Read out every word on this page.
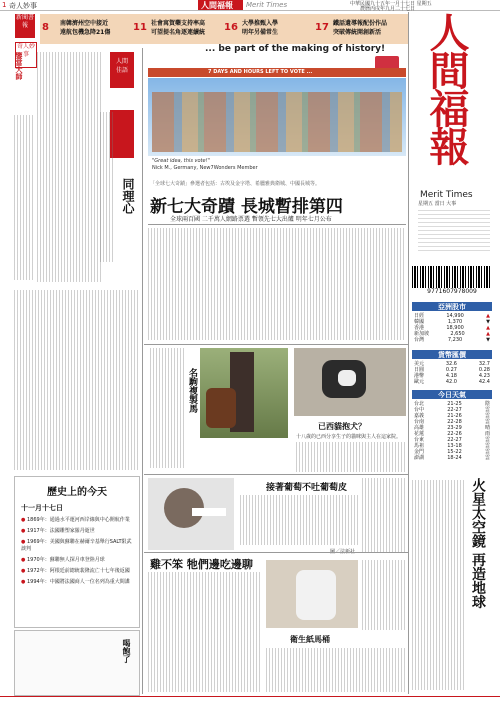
1 奇人妙事	人間福報 Merit Times	中華民國九十五年一月十七日 星期五
農曆丙戌年九月二十七日
新聞書報
奇人妙事
8 南韓濟州空中接近
遠航包機急降21傷 11 社會寓賀藥支持率高
可望提名角逐連續統 16 大學推甄入學
明年另備常生	17 鐵話遺導報配份作品
突破傳統開創新活 人間福報
Merit Times
星期五 當日 大事
9771607978009
亞洲股市
日經	14,990	▲
韓國	1,370	▼
香港	18,900	▲
新加坡	2,650	▲
台灣	7,230	▼
貨幣匯價
美元	32.6	32.7
日圓	0.27	0.28
港幣	4.18	4.23
歐元	42.0	42.4
今日天氣
台北	21-25	陰
台中	22-27	雲
嘉義	21-26	雲
台南	22-28	雲
高雄	23-29	晴
花蓮	22-26	雨
台東	22-27	雲
馬祖	13-18	雲
金門	15-22	雲
澎湖	18-24	雲
火星太空鏡 再造地球
鑒當大師	人間
佳語
同理心
... be part of the making of history!
7 DAYS AND HOURS LEFT TO VOTE ...
"Great idea, this vote!"
Nick M., Germany, New7Wonders Member
「全球七大奇蹟」參選者包括：古埃及金字塔、希臘雅典衛城、中國長城等。
新七大奇蹟 長城暫排第四
全球兩百國 二千萬人網路票選 暫領先七大出爐 明年七月公布
名駒複製馬
已西貓抱犬？
十八歲的已西分享生子的貓咪與主人在這家院。
歷史上的今天
十一月十七日
● 1869年：通過水平運河西岸線與中心開航作業
● 1917年：法國雕塑家羅丹逝世
● 1969年：美國與蘇聯在赫爾辛基舉行SALT限武談判
● 1970年：蘇聯無人探月車登陸月球
● 1972年：阿根廷前總統裴隆流亡十七年後返國
● 1994年：中國將法國商人一位名列為重大間諜
喝飽了
接著葡萄不吐葡萄皮
雞不笨 牠們邊吃邊聊
衛生紙馬桶
